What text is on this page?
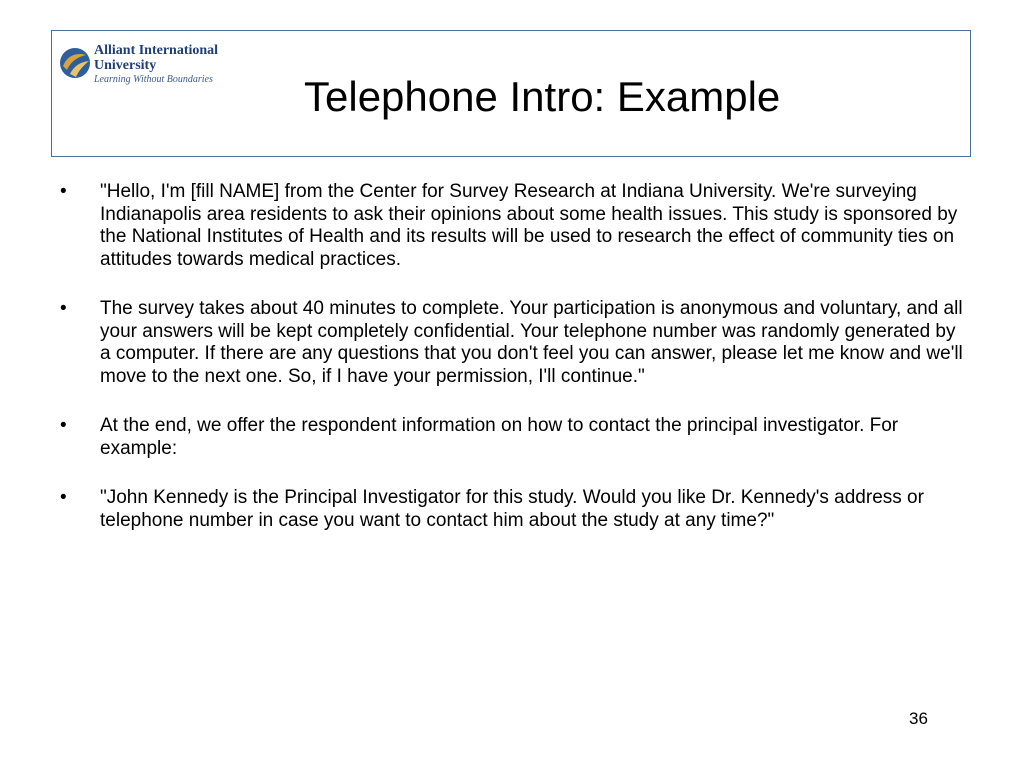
Alliant International
University
Learning Without Boundaries Telephone Intro: Example
• "Hello, I'm [fill NAME] from the Center for Survey Research at Indiana University. We're surveying Indianapolis area residents to ask their opinions about some health issues. This study is sponsored by the National Institutes of Health and its results will be used to research the effect of community ties on attitudes towards medical practices.
• The survey takes about 40 minutes to complete. Your participation is anonymous and voluntary, and all your answers will be kept completely confidential. Your telephone number was randomly generated by a computer. If there are any questions that you don't feel you can answer, please let me know and we'll move to the next one. So, if I have your permission, I'll continue."
• At the end, we offer the respondent information on how to contact the principal investigator. For example:
• "John Kennedy is the Principal Investigator for this study. Would you like Dr. Kennedy's address or telephone number in case you want to contact him about the study at any time?"
36
